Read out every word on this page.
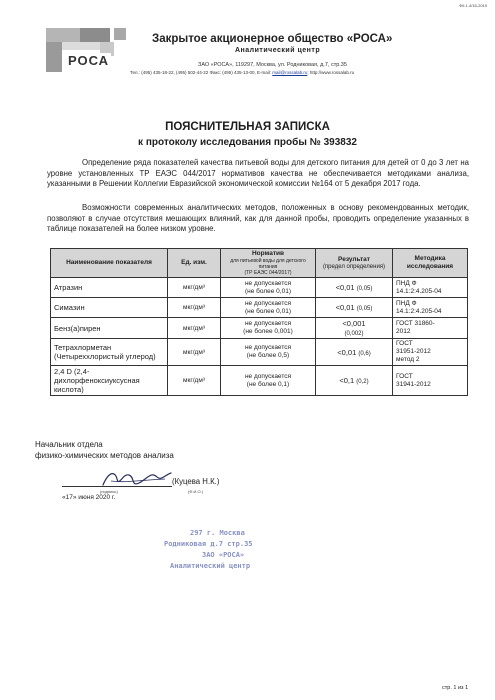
Ф6.1.4/15-2019
РОСА
Закрытое акционерное общество «РОСА»
Аналитический центр
ЗАО «РОСА», 119297, Москва, ул. Родниковая, д.7, стр.35
Тел.: (495) 435-18-22, (495) 502-44-22 Факс: (495) 435-13-00, E-mail: mail@rossalab.ru; http://www.rossalab.ru
ПОЯСНИТЕЛЬНАЯ ЗАПИСКА
к протоколу исследования пробы № 393832
Определение ряда показателей качества питьевой воды для детского питания для детей от 0 до 3 лет на уровне установленных ТР ЕАЭС 044/2017 нормативов качества не обеспечивается методиками анализа, указанными в Решении Коллегии Евразийской экономической комиссии №164 от 5 декабря 2017 года.
Возможности современных аналитических методов, положенных в основу рекомендованных методик, позволяют в случае отсутствия мешающих влияний, как для данной пробы, проводить определение указанных в таблице показателей на более низком уровне.
Наименование показателя	Ед. изм.	Норматив
для питьевой воды для детского питания
(ТР ЕАЭС 044/2017)	Результат
(предел определения)	Методика
исследования
Атразин	мкг/дм³	не допускается
(не более 0,01)	<0,01 (0,05)	ПНД Ф
14.1:2:4.205-04
Симазин	мкг/дм³	не допускается
(не более 0,01)	<0,01 (0,05)	ПНД Ф
14.1:2:4.205-04
Бенз(а)пирен	мкг/дм³	не допускается
(не более 0,001)	<0,001
(0,002)	ГОСТ 31860-
2012
Тетрахлорметан (Четыреххлористый углерод)	мкг/дм³	не допускается
(не более 0,5)	<0,01 (0,6)	ГОСТ
31951-2012
метод 2
2,4 D (2,4-дихлорфеноксиуксусная кислота)	мкг/дм³	не допускается
(не более 0,1)	<0,1 (0,2)	ГОСТ
31941-2012
Начальник отдела
физико-химических методов анализа
(Куцева Н.К.)
(подпись)	(Ф.И.О.)
«17» июня 2020 г.
297 г. Москва
Родниковая д.7 стр.35
ЗАО «РОСА»
Аналитический центр
стр. 1 из 1
